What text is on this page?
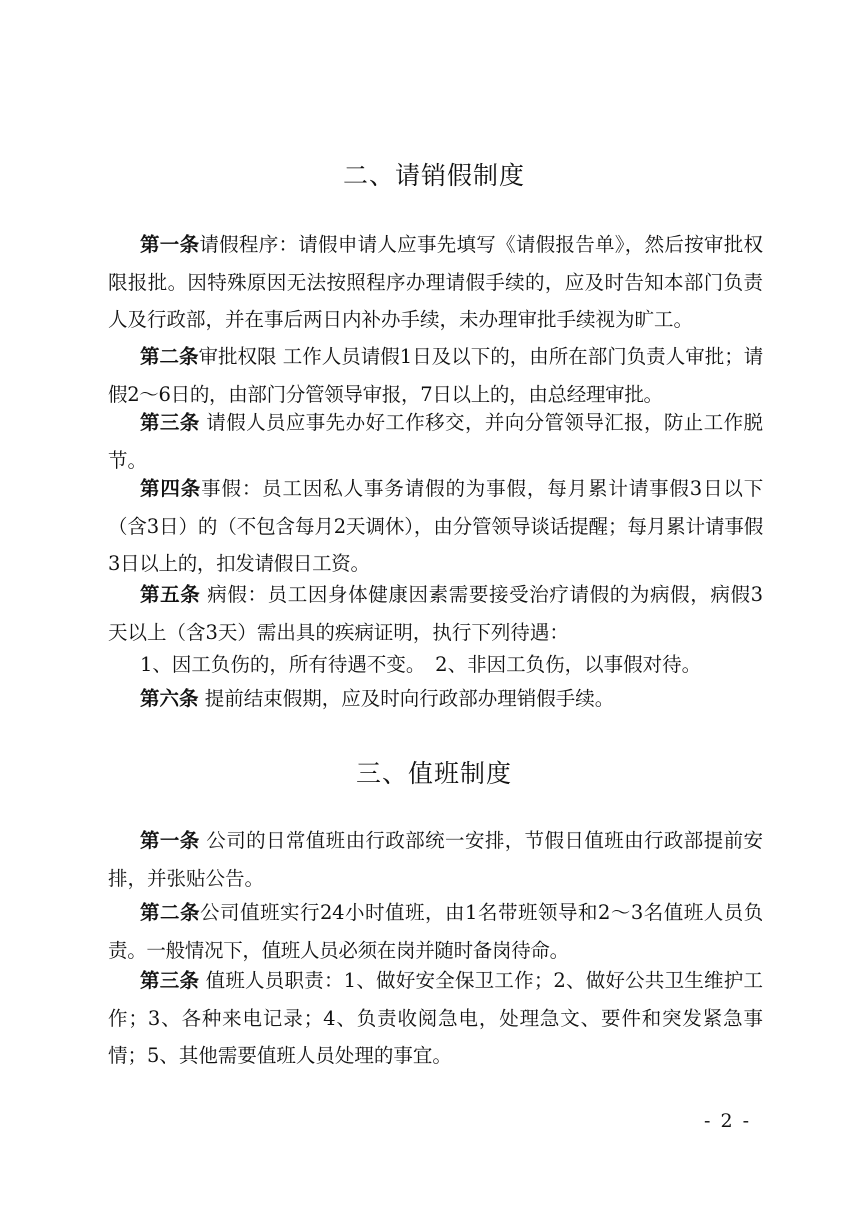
二、请销假制度

第一条请假程序：请假申请人应事先填写《请假报告单》，然后按审批权限报批。因特殊原因无法按照程序办理请假手续的，应及时告知本部门负责人及行政部，并在事后两日内补办手续，未办理审批手续视为旷工。

第二条审批权限 工作人员请假1日及以下的，由所在部门负责人审批；请假2～6日的，由部门分管领导审报，7日以上的，由总经理审批。

第三条 请假人员应事先办好工作移交，并向分管领导汇报，防止工作脱节。

第四条事假：员工因私人事务请假的为事假，每月累计请事假3日以下（含3日）的（不包含每月2天调休），由分管领导谈话提醒；每月累计请事假3日以上的，扣发请假日工资。

第五条 病假：员工因身体健康因素需要接受治疗请假的为病假，病假3天以上（含3天）需出具的疾病证明，执行下列待遇：

1、因工负伤的，所有待遇不变。　2、非因工负伤，以事假对待。

第六条 提前结束假期，应及时向行政部办理销假手续。

三、值班制度

第一条 公司的日常值班由行政部统一安排，节假日值班由行政部提前安排，并张贴公告。

第二条公司值班实行24小时值班，由1名带班领导和2～3名值班人员负责。一般情况下，值班人员必须在岗并随时备岗待命。

第三条 值班人员职责：1、做好安全保卫工作；2、做好公共卫生维护工作；3、各种来电记录；4、负责收阅急电，处理急文、要件和突发紧急事情；5、其他需要值班人员处理的事宜。

- 2 -
